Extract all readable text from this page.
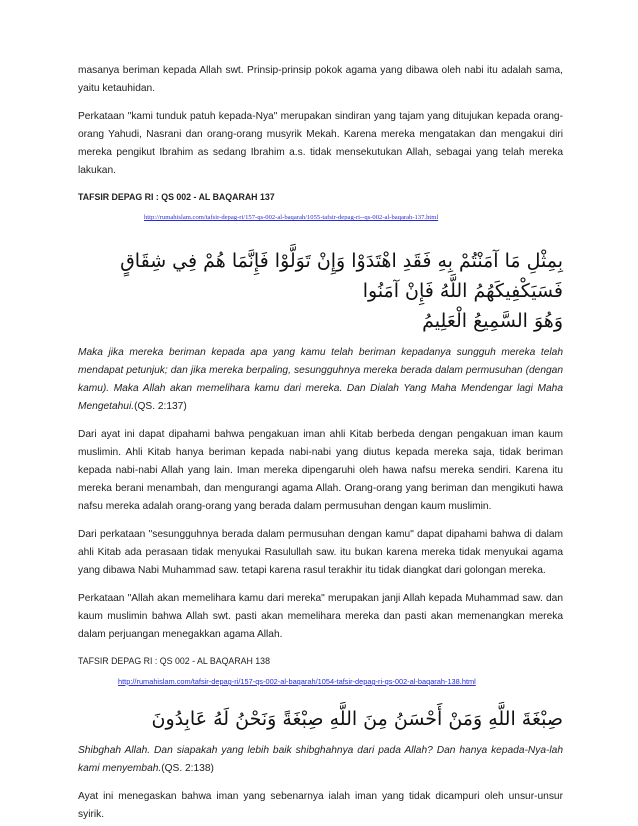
masanya beriman kepada Allah swt. Prinsip-prinsip pokok agama yang dibawa oleh nabi itu adalah sama, yaitu ketauhidan.

Perkataan "kami tunduk patuh kepada-Nya" merupakan sindiran yang tajam yang ditujukan kepada orang-orang Yahudi, Nasrani dan orang-orang musyrik Mekah. Karena mereka mengatakan dan mengakui diri mereka pengikut Ibrahim as sedang Ibrahim a.s. tidak mensekutukan Allah, sebagai yang telah mereka lakukan.

TAFSIR DEPAG RI : QS 002 - AL BAQARAH 137

http://rumahislam.com/tafsir-depag-ri/157-qs-002-al-baqarah/1055-tafsir-depag-ri--qs-002-al-baqarah-137.html
بِمِثْلِ مَا آمَنْتُمْ بِهِ فَقَدِ اهْتَدَوْا وَإِنْ تَوَلَّوْا فَإِنَّمَا هُمْ فِي شِقَاقٍ فَسَيَكْفِيكَهُمُ اللَّهُ فَإِنْ آمَنُوا
وَهُوَ السَّمِيعُ الْعَلِيمُ

Maka jika mereka beriman kepada apa yang kamu telah beriman kepadanya sungguh mereka telah mendapat petunjuk; dan jika mereka berpaling, sesungguhnya mereka berada dalam permusuhan (dengan kamu). Maka Allah akan memelihara kamu dari mereka. Dan Dialah Yang Maha Mendengar lagi Maha Mengetahui.(QS. 2:137)

Dari ayat ini dapat dipahami bahwa pengakuan iman ahli Kitab berbeda dengan pengakuan iman kaum muslimin. Ahli Kitab hanya beriman kepada nabi-nabi yang diutus kepada mereka saja, tidak beriman kepada nabi-nabi Allah yang lain. Iman mereka dipengaruhi oleh hawa nafsu mereka sendiri. Karena itu mereka berani menambah, dan mengurangi agama Allah. Orang-orang yang beriman dan mengikuti hawa nafsu mereka adalah orang-orang yang berada dalam permusuhan dengan kaum muslimin.

Dari perkataan "sesungguhnya berada dalam permusuhan dengan kamu" dapat dipahami bahwa di dalam ahli Kitab ada perasaan tidak menyukai Rasulullah saw. itu bukan karena mereka tidak menyukai agama yang dibawa Nabi Muhammad saw. tetapi karena rasul terakhir itu tidak diangkat dari golongan mereka.

Perkataan "Allah akan memelihara kamu dari mereka" merupakan janji Allah kepada Muhammad saw. dan kaum muslimin bahwa Allah swt. pasti akan memelihara mereka dan pasti akan memenangkan mereka dalam perjuangan menegakkan agama Allah.

TAFSIR DEPAG RI : QS 002 - AL BAQARAH 138

http://rumahislam.com/tafsir-depag-ri/157-qs-002-al-baqarah/1054-tafsir-depag-ri-qs-002-al-baqarah-138.html
صِبْغَةَ اللَّهِ وَمَنْ أَحْسَنُ مِنَ اللَّهِ صِبْغَةً وَنَحْنُ لَهُ عَابِدُونَ

Shibghah Allah. Dan siapakah yang lebih baik shibghahnya dari pada Allah? Dan hanya kepada-Nya-lah kami menyembah.(QS. 2:138)

Ayat ini menegaskan bahwa iman yang sebenarnya ialah iman yang tidak dicampuri oleh unsur-unsur syirik.
